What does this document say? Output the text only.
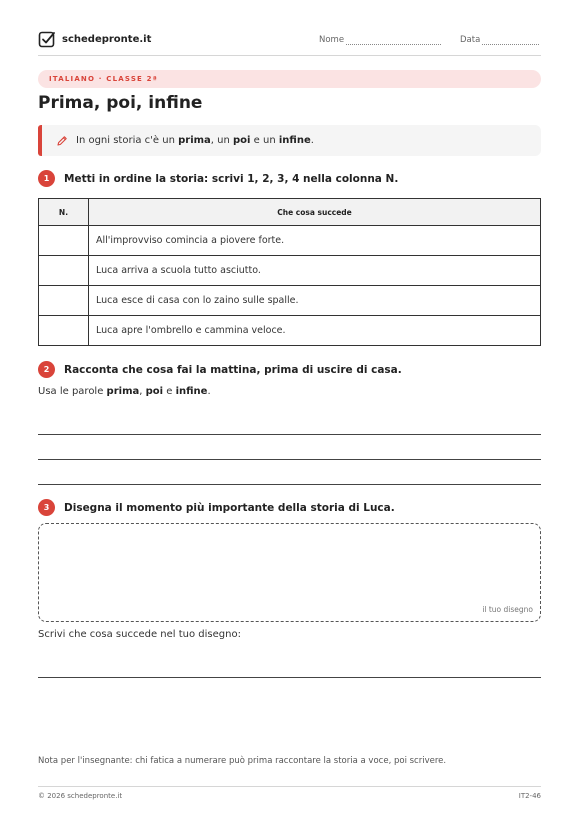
schedepronte.it	Nome	Data
ITALIANO · CLASSE 2ª
Prima, poi, infine
In ogni storia c'è un prima, un poi e un infine.
1	Metti in ordine la storia: scrivi 1, 2, 3, 4 nella colonna N.
N.	Che cosa succede
	All'improvviso comincia a piovere forte.
	Luca arriva a scuola tutto asciutto.
	Luca esce di casa con lo zaino sulle spalle.
	Luca apre l'ombrello e cammina veloce.
2	Racconta che cosa fai la mattina, prima di uscire di casa.
Usa le parole prima, poi e infine.
3	Disegna il momento più importante della storia di Luca.
il tuo disegno
Scrivi che cosa succede nel tuo disegno:
Nota per l'insegnante: chi fatica a numerare può prima raccontare la storia a voce, poi scrivere.
© 2026 schedepronte.it	IT2-46
